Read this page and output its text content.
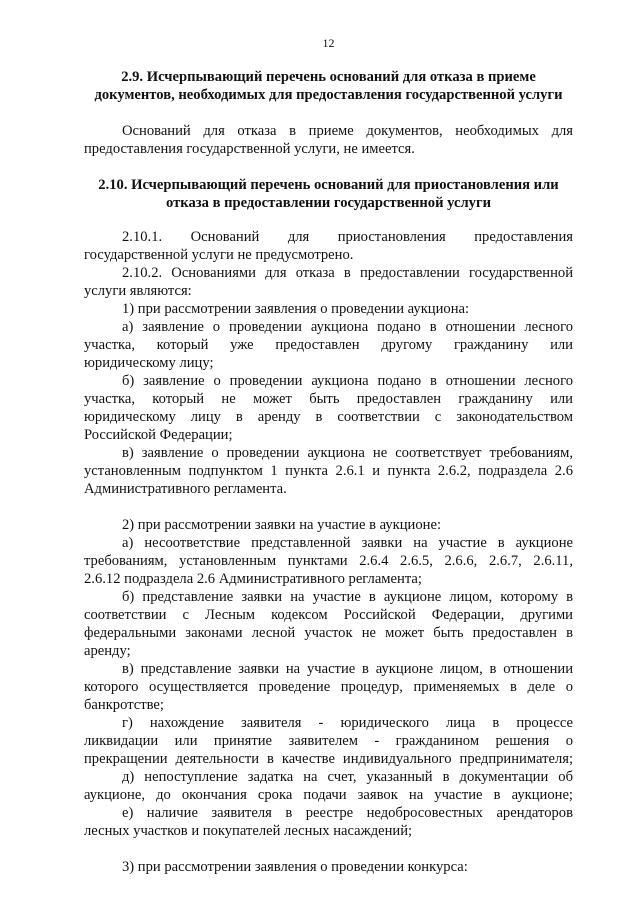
12
2.9. Исчерпывающий перечень оснований для отказа в приеме
документов, необходимых для предоставления государственной услуги
Оснований для отказа в приеме документов, необходимых для
предоставления государственной услуги, не имеется.
2.10. Исчерпывающий перечень оснований для приостановления или
отказа в предоставлении государственной услуги
2.10.1. Оснований для приостановления предоставления
государственной услуги не предусмотрено.
2.10.2. Основаниями для отказа в предоставлении государственной
услуги являются:
1) при рассмотрении заявления о проведении аукциона:
а) заявление о проведении аукциона подано в отношении лесного
участка, который уже предоставлен другому гражданину или
юридическому лицу;
б) заявление о проведении аукциона подано в отношении лесного
участка, который не может быть предоставлен гражданину или
юридическому лицу в аренду в соответствии с законодательством
Российской Федерации;
в) заявление о проведении аукциона не соответствует требованиям,
установленным подпунктом 1 пункта 2.6.1 и пункта 2.6.2, подраздела 2.6
Административного регламента.
2) при рассмотрении заявки на участие в аукционе:
а) несоответствие представленной заявки на участие в аукционе
требованиям, установленным пунктами 2.6.4 2.6.5, 2.6.6, 2.6.7, 2.6.11,
2.6.12 подраздела 2.6 Административного регламента;
б) представление заявки на участие в аукционе лицом, которому в
соответствии с Лесным кодексом Российской Федерации, другими
федеральными законами лесной участок не может быть предоставлен в
аренду;
в) представление заявки на участие в аукционе лицом, в отношении
которого осуществляется проведение процедур, применяемых в деле о
банкротстве;
г) нахождение заявителя - юридического лица в процессе
ликвидации или принятие заявителем - гражданином решения о
прекращении деятельности в качестве индивидуального предпринимателя;
д) непоступление задатка на счет, указанный в документации об
аукционе, до окончания срока подачи заявок на участие в аукционе;
е) наличие заявителя в реестре недобросовестных арендаторов
лесных участков и покупателей лесных насаждений;
3) при рассмотрении заявления о проведении конкурса:
